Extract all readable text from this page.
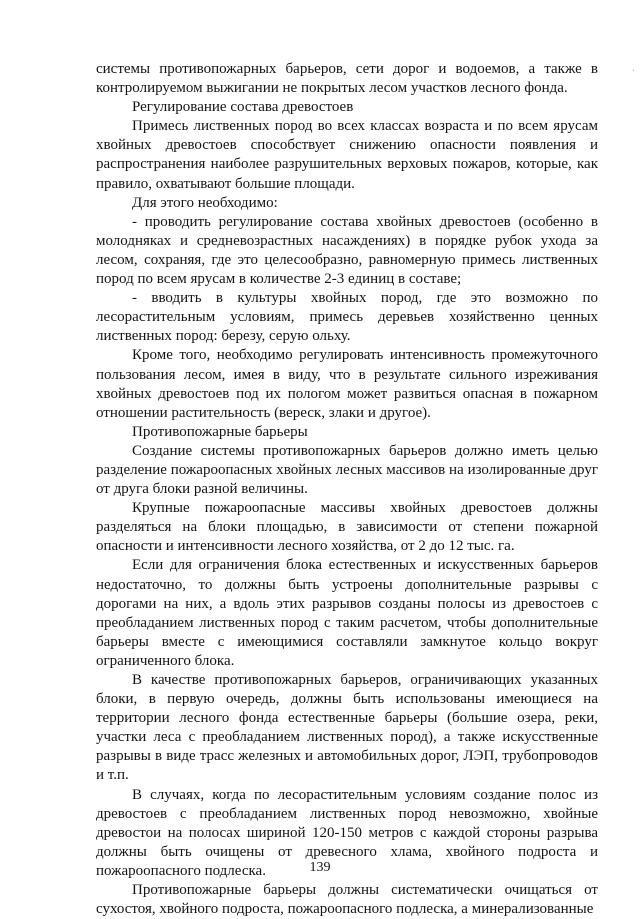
системы противопожарных барьеров, сети дорог и водоемов, а также в контролируемом выжигании не покрытых лесом участков лесного фонда.

Регулирование состава древостоев

Примесь лиственных пород во всех классах возраста и по всем ярусам хвойных древостоев способствует снижению опасности появления и распространения наиболее разрушительных верховых пожаров, которые, как правило, охватывают большие площади.

Для этого необходимо:

- проводить регулирование состава хвойных древостоев (особенно в молодняках и средневозрастных насаждениях) в порядке рубок ухода за лесом, сохраняя, где это целесообразно, равномерную примесь лиственных пород по всем ярусам в количестве 2-3 единиц в составе;

- вводить в культуры хвойных пород, где это возможно по лесорастительным условиям, примесь деревьев хозяйственно ценных лиственных пород: березу, серую ольху.

Кроме того, необходимо регулировать интенсивность промежуточного пользования лесом, имея в виду, что в результате сильного изреживания хвойных древостоев под их пологом может развиться опасная в пожарном отношении растительность (вереск, злаки и другое).

Противопожарные барьеры

Создание системы противопожарных барьеров должно иметь целью разделение пожароопасных хвойных лесных массивов на изолированные друг от друга блоки разной величины.

Крупные пожароопасные массивы хвойных древостоев должны разделяться на блоки площадью, в зависимости от степени пожарной опасности и интенсивности лесного хозяйства, от 2 до 12 тыс. га.

Если для ограничения блока естественных и искусственных барьеров недостаточно, то должны быть устроены дополнительные разрывы с дорогами на них, а вдоль этих разрывов созданы полосы из древостоев с преобладанием лиственных пород с таким расчетом, чтобы дополнительные барьеры вместе с имеющимися составляли замкнутое кольцо вокруг ограниченного блока.

В качестве противопожарных барьеров, ограничивающих указанных блоки, в первую очередь, должны быть использованы имеющиеся на территории лесного фонда естественные барьеры (большие озера, реки, участки леса с преобладанием лиственных пород), а также искусственные разрывы в виде трасс железных и автомобильных дорог, ЛЭП, трубопроводов и т.п.

В случаях, когда по лесорастительным условиям создание полос из древостоев с преобладанием лиственных пород невозможно, хвойные древостои на полосах шириной 120-150 метров с каждой стороны разрыва должны быть очищены от древесного хлама, хвойного подроста и пожароопасного подлеска.

Противопожарные барьеры должны систематически очищаться от сухостоя, хвойного подроста, пожароопасного подлеска, а минерализованные

139
·
